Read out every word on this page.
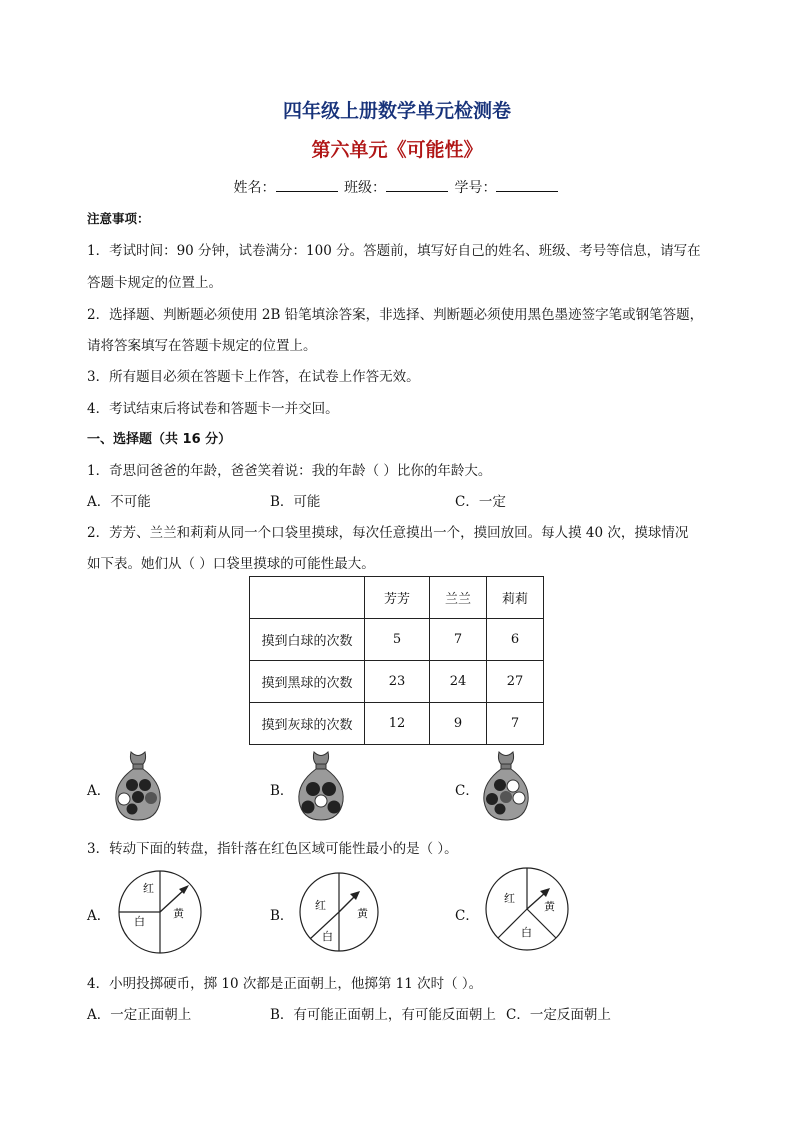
四年级上册数学单元检测卷
第六单元《可能性》
姓名：	班级：	学号：
注意事项：
1．考试时间：90 分钟，试卷满分：100 分。答题前，填写好自己的姓名、班级、考号等信息，请写在
答题卡规定的位置上。
2．选择题、判断题必须使用 2B 铅笔填涂答案，非选择、判断题必须使用黑色墨迹签字笔或钢笔答题，
请将答案填写在答题卡规定的位置上。
3．所有题目必须在答题卡上作答，在试卷上作答无效。
4．考试结束后将试卷和答题卡一并交回。
一、选择题（共 16 分）
1．奇思问爸爸的年龄，爸爸笑着说：我的年龄（ ）比你的年龄大。
A．不可能	B．可能	C．一定
2．芳芳、兰兰和莉莉从同一个口袋里摸球，每次任意摸出一个，摸回放回。每人摸 40 次，摸球情况
如下表。她们从（ ）口袋里摸球的可能性最大。
	芳芳	兰兰	莉莉
摸到白球的次数	5	7	6
摸到黑球的次数	23	24	27
摸到灰球的次数	12	9	7
A．	B．	C．
3．转动下面的转盘，指针落在红色区域可能性最小的是（ ）。
A．
红
黄
白	B．
红
黄
白
C．
红
黄
白
4．小明投掷硬币，掷 10 次都是正面朝上，他掷第 11 次时（ ）。
A．一定正面朝上	B．有可能正面朝上，有可能反面朝上 C．一定反面朝上
